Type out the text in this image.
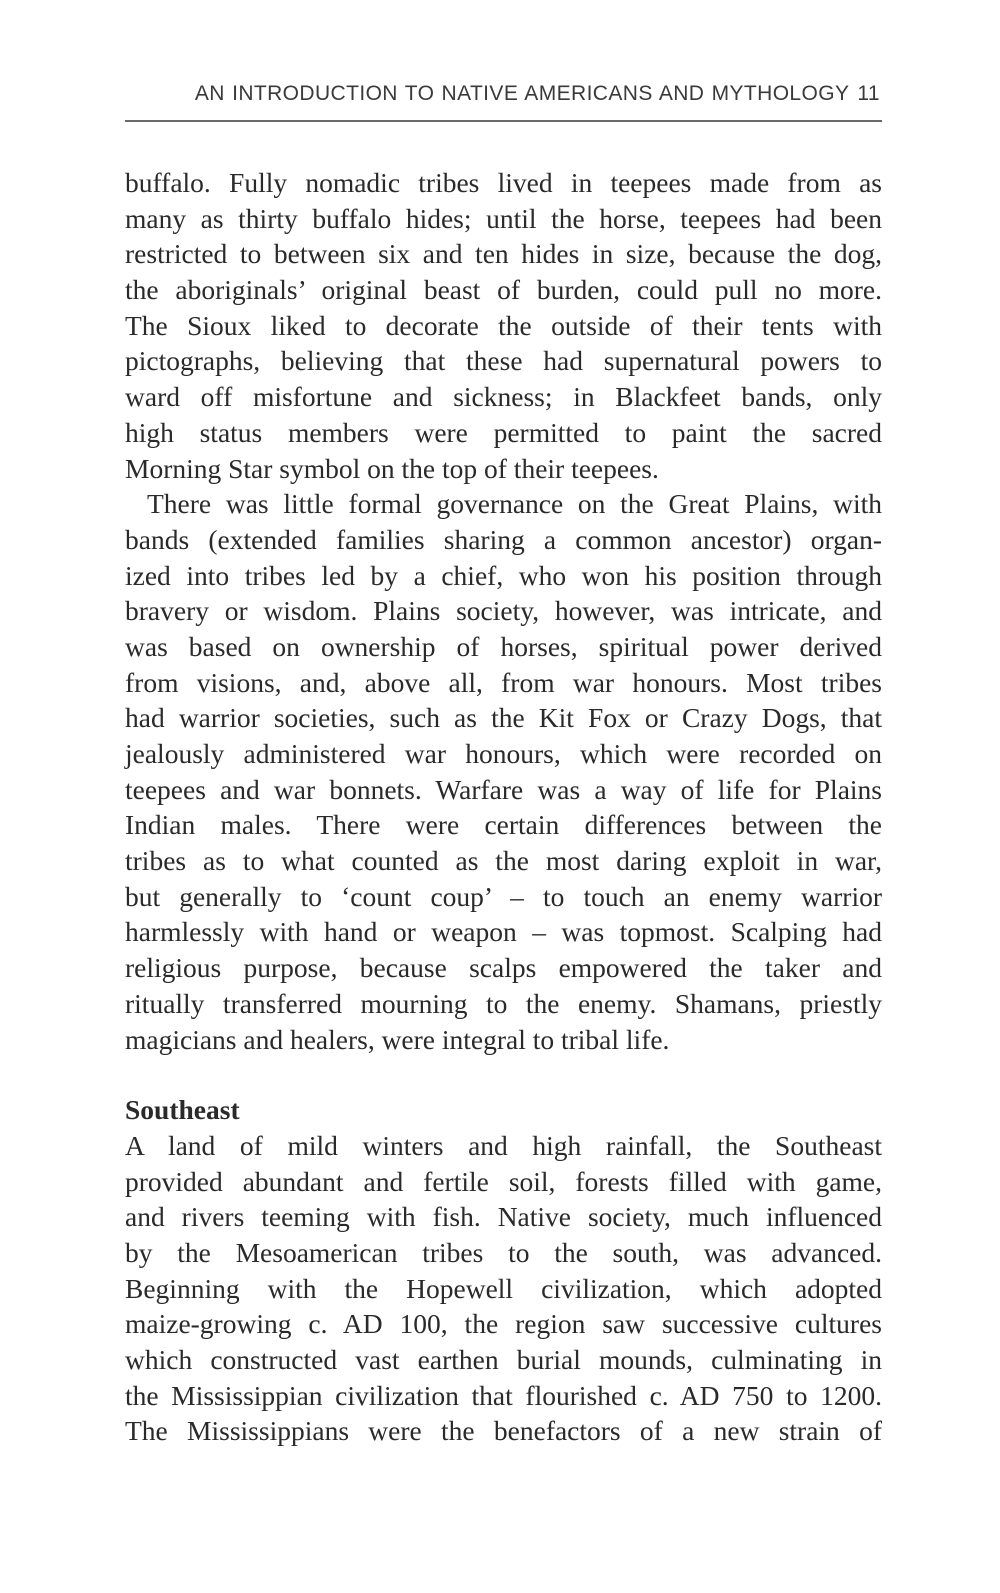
AN INTRODUCTION TO NATIVE AMERICANS AND MYTHOLOGY 11
buffalo. Fully nomadic tribes lived in teepees made from as
many as thirty buffalo hides; until the horse, teepees had been
restricted to between six and ten hides in size, because the dog,
the aboriginals’ original beast of burden, could pull no more.
The Sioux liked to decorate the outside of their tents with
pictographs, believing that these had supernatural powers to
ward off misfortune and sickness; in Blackfeet bands, only
high status members were permitted to paint the sacred
Morning Star symbol on the top of their teepees.
There was little formal governance on the Great Plains, with
bands (extended families sharing a common ancestor) organ-
ized into tribes led by a chief, who won his position through
bravery or wisdom. Plains society, however, was intricate, and
was based on ownership of horses, spiritual power derived
from visions, and, above all, from war honours. Most tribes
had warrior societies, such as the Kit Fox or Crazy Dogs, that
jealously administered war honours, which were recorded on
teepees and war bonnets. Warfare was a way of life for Plains
Indian males. There were certain differences between the
tribes as to what counted as the most daring exploit in war,
but generally to ‘count coup’ – to touch an enemy warrior
harmlessly with hand or weapon – was topmost. Scalping had
religious purpose, because scalps empowered the taker and
ritually transferred mourning to the enemy. Shamans, priestly
magicians and healers, were integral to tribal life.
Southeast
A land of mild winters and high rainfall, the Southeast
provided abundant and fertile soil, forests filled with game,
and rivers teeming with fish. Native society, much influenced
by the Mesoamerican tribes to the south, was advanced.
Beginning with the Hopewell civilization, which adopted
maize-growing c. AD 100, the region saw successive cultures
which constructed vast earthen burial mounds, culminating in
the Mississippian civilization that flourished c. AD 750 to 1200.
The Mississippians were the benefactors of a new strain of
